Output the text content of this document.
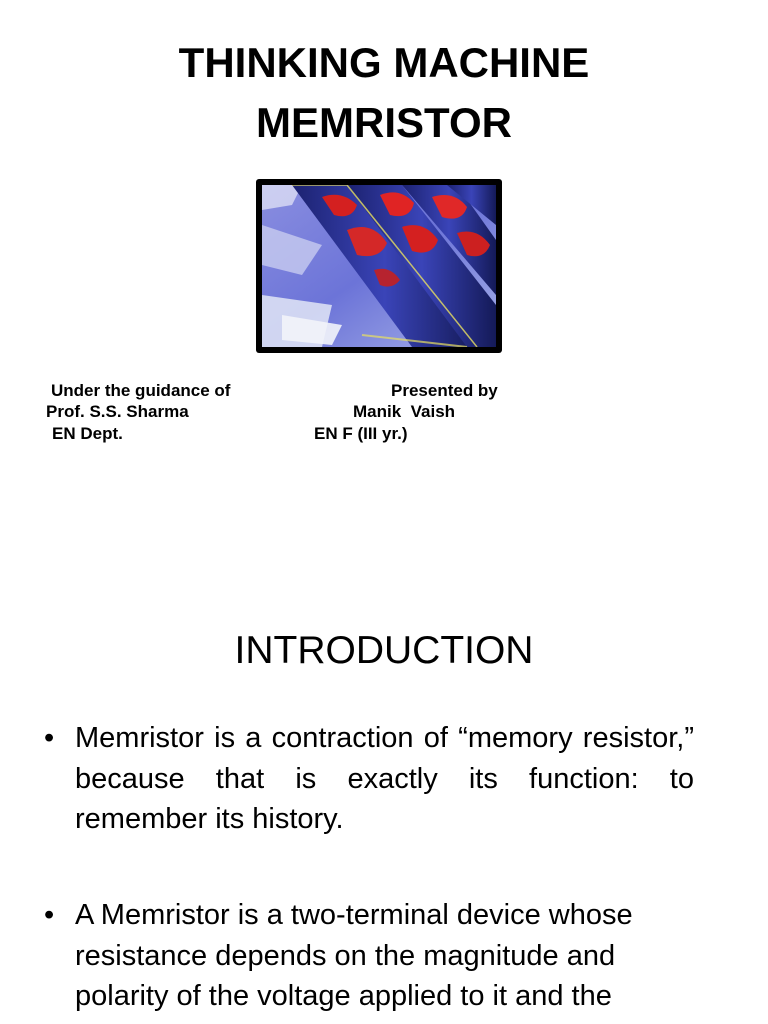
THINKING MACHINE
MEMRISTOR
Under the guidance of
Prof. S.S. Sharma
EN Dept.
Presented by
Manik  Vaish
EN F (III yr.)
INTRODUCTION
• Memristor is a contraction of “memory resistor,” because that is exactly its function: to remember its history.
• A Memristor is a two-terminal device whose resistance depends on the magnitude and polarity of the voltage applied to it and the
